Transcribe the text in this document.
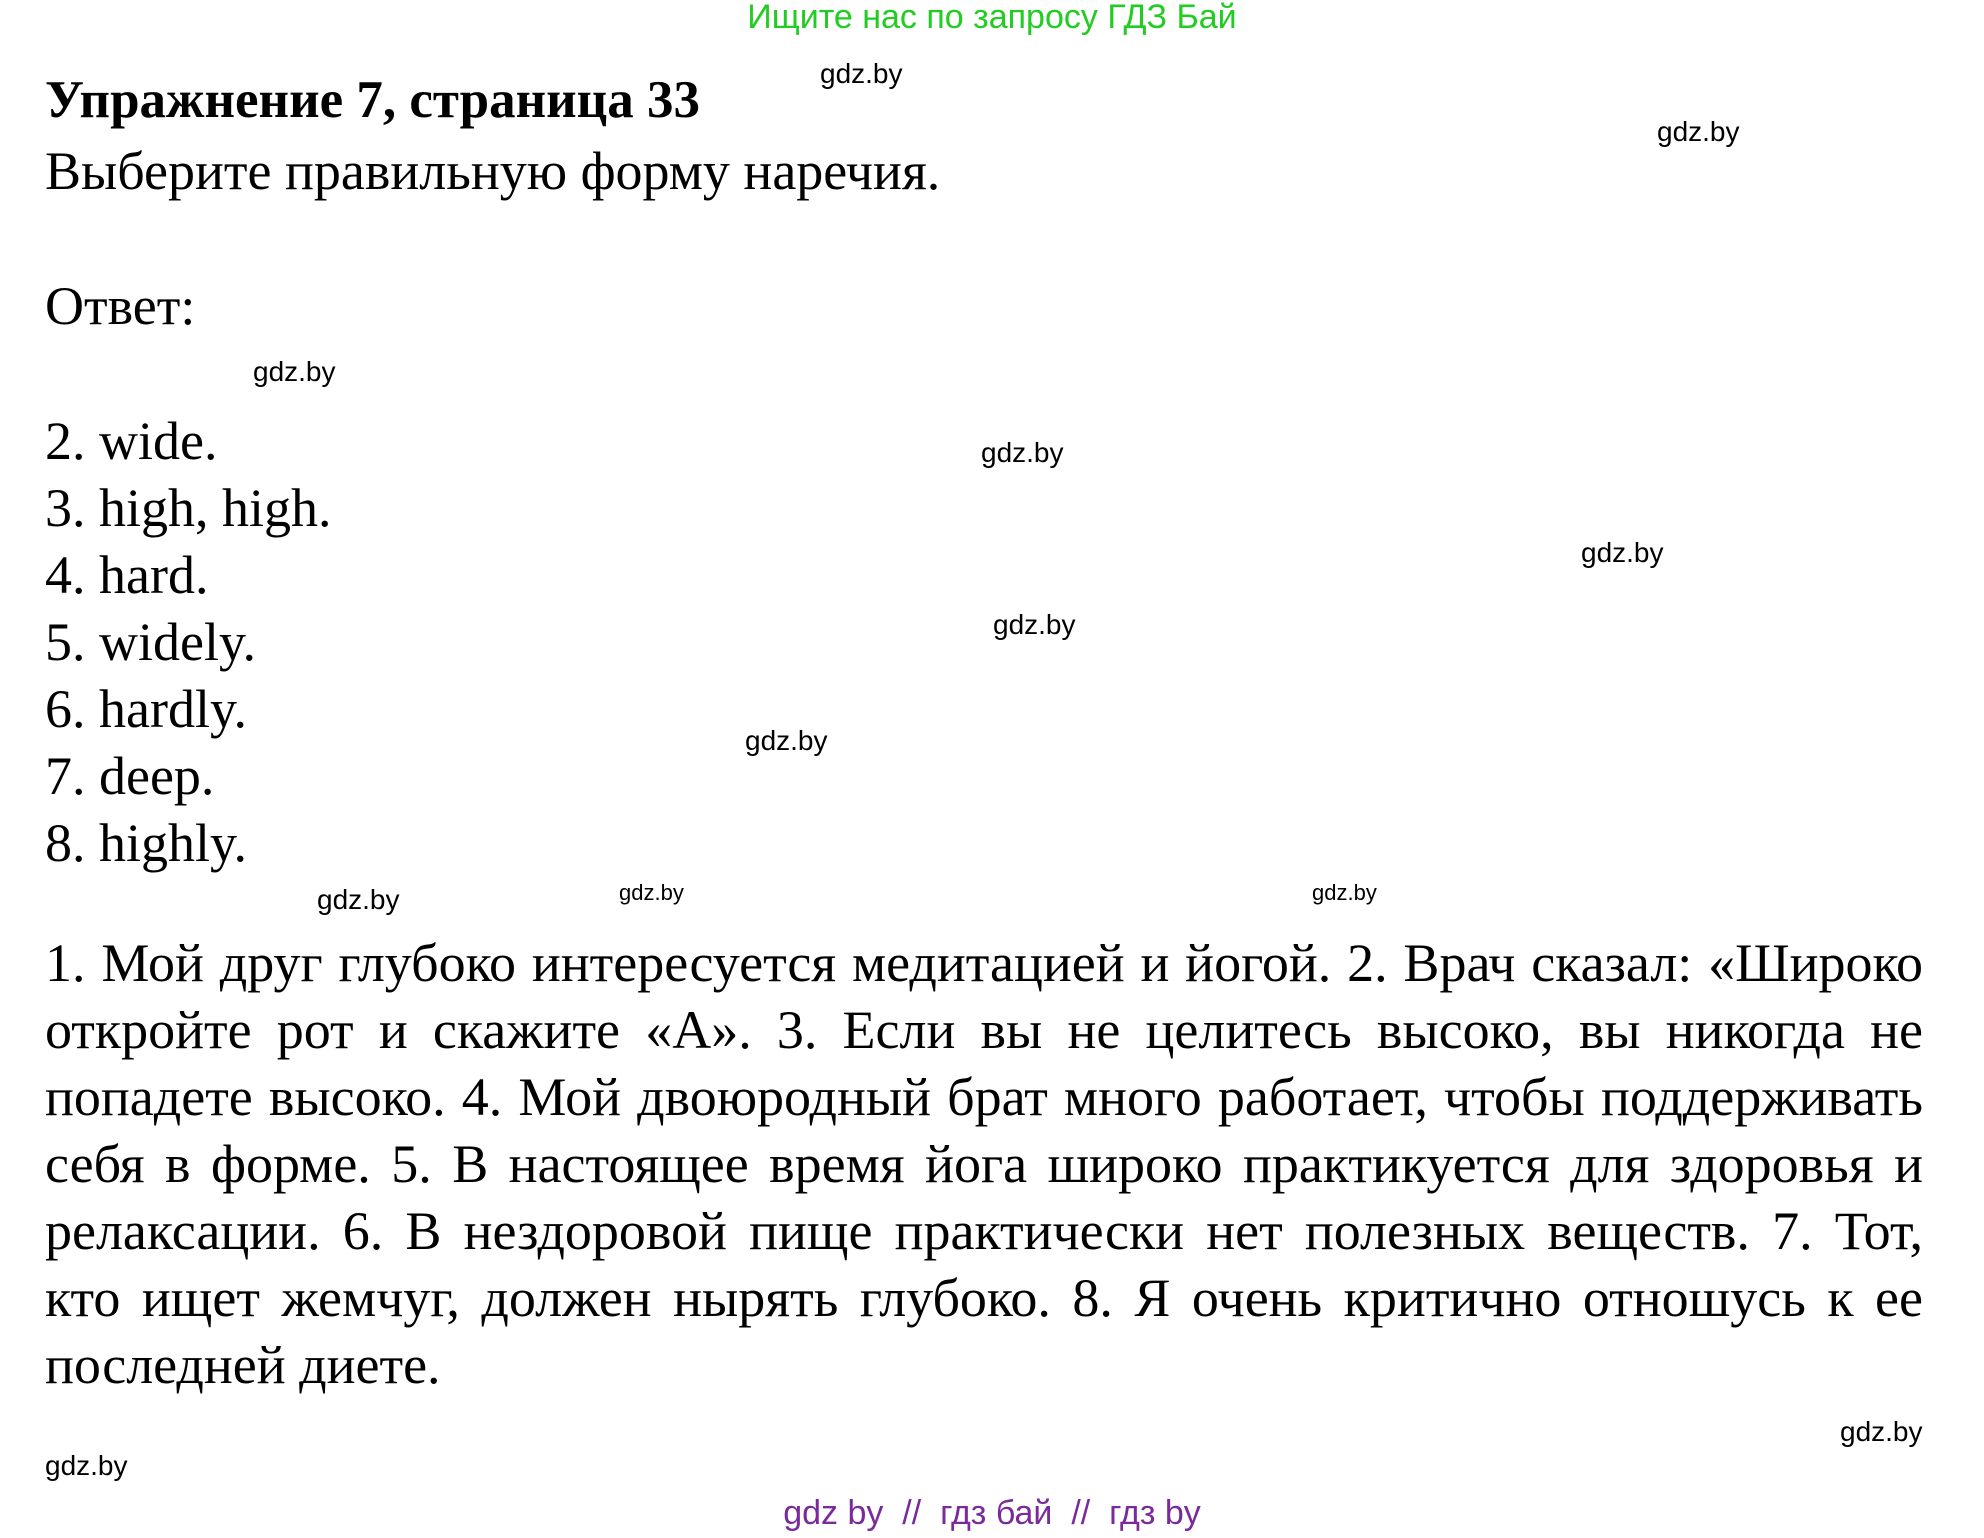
Ищите нас по запросу ГДЗ Бай
Упражнение 7, страница 33
Выберите правильную форму наречия.
Ответ:
2. wide.
3. high, high.
4. hard.
5. widely.
6. hardly.
7. deep.
8. highly.
1. Мой друг глубоко интересуется медитацией и йогой. 2. Врач сказал: «Широко откройте рот и скажите «А». 3. Если вы не целитесь высоко, вы никогда не попадете высоко. 4. Мой двоюродный брат много работает, чтобы поддерживать себя в форме. 5. В настоящее время йога широко практикуется для здоровья и релаксации. 6. В нездоровой пище практически нет полезных веществ. 7. Тот, кто ищет жемчуг, должен нырять глубоко. 8. Я очень критично отношусь к ее последней диете.
gdz.by
gdz.by
gdz.by
gdz.by
gdz.by
gdz.by
gdz.by
gdz.by	gdz.by
gdz.by
gdz.by
gdz.by
gdz by  //  гдз бай  //  гдз by
